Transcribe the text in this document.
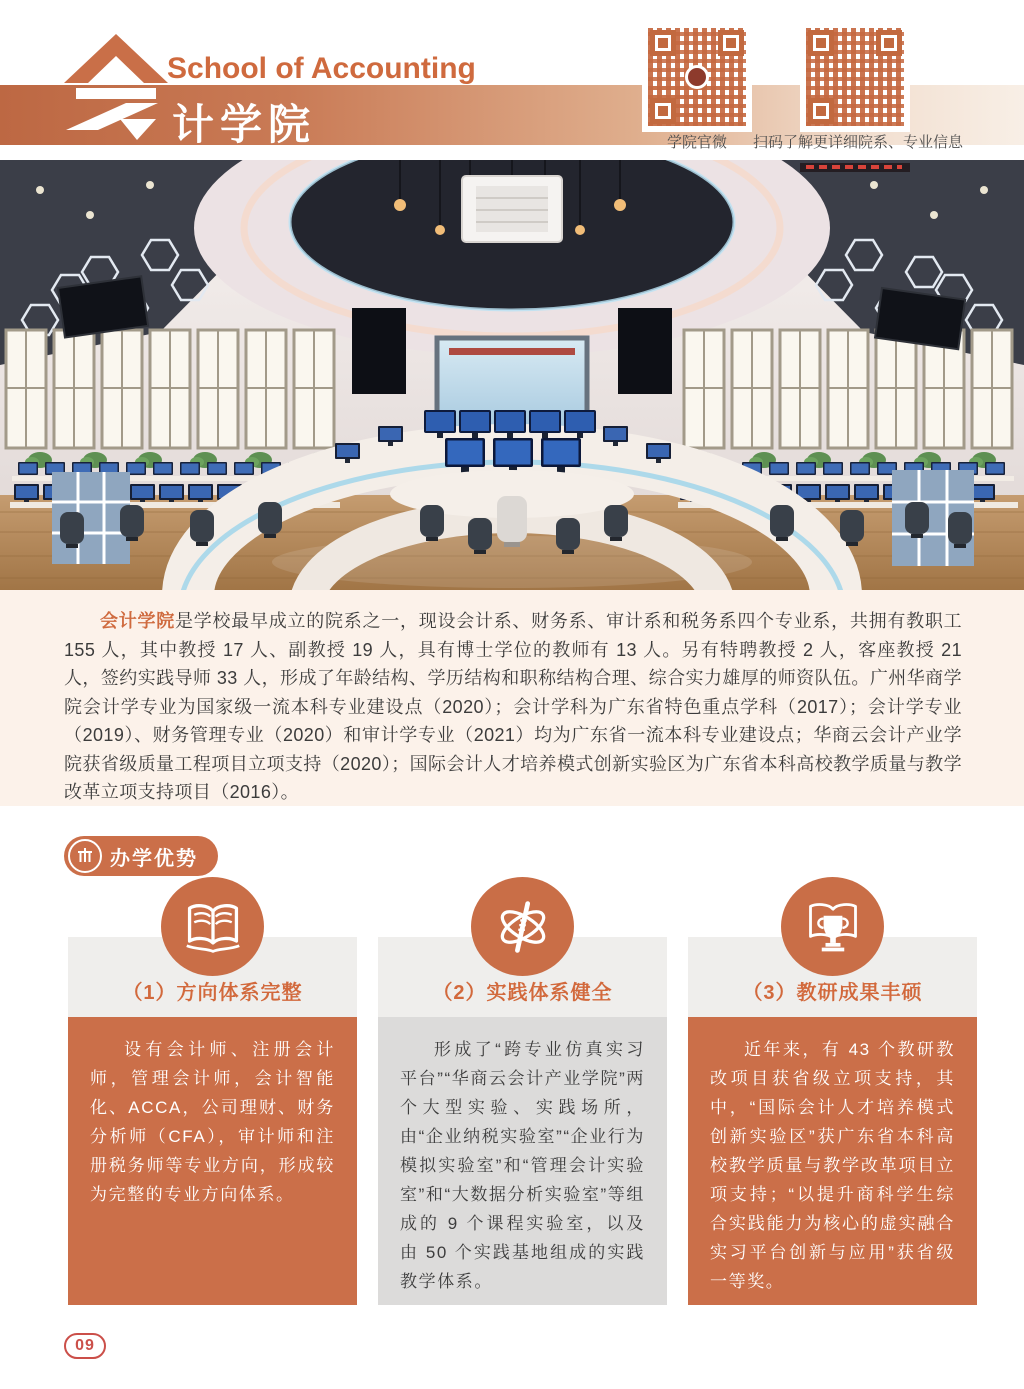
School of Accounting
计学院	学院官微	扫码了解更详细院系、专业信息

会计学院是学校最早成立的院系之一，现设会计系、财务系、审计系和税务系四个专业系，共拥有教职工 155 人，其中教授 17 人、副教授 19 人，具有博士学位的教师有 13 人。另有特聘教授 2 人，客座教授 21 人，签约实践导师 33 人，形成了年龄结构、学历结构和职称结构合理、综合实力雄厚的师资队伍。广州华商学院会计学专业为国家级一流本科专业建设点（2020）；会计学科为广东省特色重点学科（2017）；会计学专业（2019）、财务管理专业（2020）和审计学专业（2021）均为广东省一流本科专业建设点；华商云会计产业学院获省级质量工程项目立项支持（2020）；国际会计人才培养模式创新实验区为广东省本科高校教学质量与教学改革立项支持项目（2016）。

办学优势
（1）方向体系完整	（2）实践体系健全	（3）教研成果丰硕
设有会计师、注册会计师，管理会计师，会计智能化、ACCA，公司理财、财务分析师（CFA），审计师和注册税务师等专业方向，形成较为完整的专业方向体系。
形成了“跨专业仿真实习平台”“华商云会计产业学院”两个大型实验、实践场所，由“企业纳税实验室”“企业行为模拟实验室”和“管理会计实验室”和“大数据分析实验室”等组成的 9 个课程实验室，以及由 50 个实践基地组成的实践教学体系。
近年来，有 43 个教研教改项目获省级立项支持，其中，“国际会计人才培养模式创新实验区”获广东省本科高校教学质量与教学改革项目立项支持；“以提升商科学生综合实践能力为核心的虚实融合实习平台创新与应用”获省级一等奖。
09
